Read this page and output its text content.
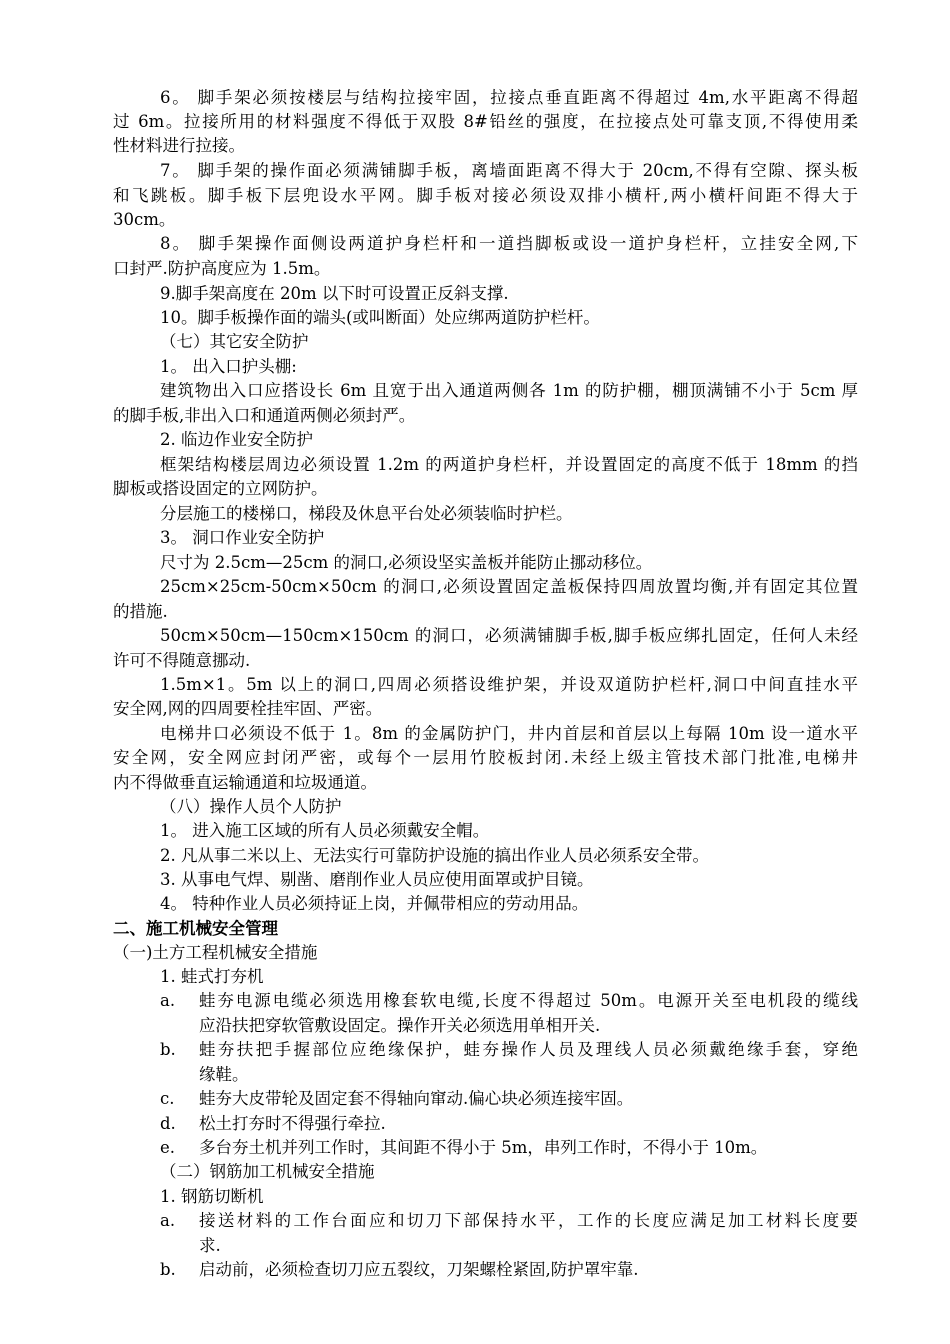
6。 脚手架必须按楼层与结构拉接牢固，拉接点垂直距离不得超过 4m,水平距离不得超
过 6m。拉接所用的材料强度不得低于双股 8#铅丝的强度，在拉接点处可靠支顶,不得使用柔
性材料进行拉接。
7。 脚手架的操作面必须满铺脚手板，离墙面距离不得大于 20cm,不得有空隙、探头板
和飞跳板。脚手板下层兜设水平网。脚手板对接必须设双排小横杆,两小横杆间距不得大于
30cm。
8。 脚手架操作面侧设两道护身栏杆和一道挡脚板或设一道护身栏杆，立挂安全网,下
口封严.防护高度应为 1.5m。
9.脚手架高度在 20m 以下时可设置正反斜支撑.
10。脚手板操作面的端头(或叫断面）处应绑两道防护栏杆。
（七）其它安全防护
1。 出入口护头棚:
建筑物出入口应搭设长 6m 且宽于出入通道两侧各 1m 的防护棚，棚顶满铺不小于 5cm 厚
的脚手板,非出入口和通道两侧必须封严。
2. 临边作业安全防护
框架结构楼层周边必须设置 1.2m 的两道护身栏杆，并设置固定的高度不低于 18mm 的挡
脚板或搭设固定的立网防护。
分层施工的楼梯口，梯段及休息平台处必须装临时护栏。
3。 洞口作业安全防护
尺寸为 2.5cm—25cm 的洞口,必须设坚实盖板并能防止挪动移位。
25cm×25cm-50cm×50cm 的洞口,必须设置固定盖板保持四周放置均衡,并有固定其位置
的措施.
50cm×50cm—150cm×150cm 的洞口，必须满铺脚手板,脚手板应绑扎固定，任何人未经
许可不得随意挪动.
1.5m×1。5m 以上的洞口,四周必须搭设维护架，并设双道防护栏杆,洞口中间直挂水平
安全网,网的四周要栓挂牢固、严密。
电梯井口必须设不低于 1。8m 的金属防护门，井内首层和首层以上每隔 10m 设一道水平
安全网，安全网应封闭严密，或每个一层用竹胶板封闭.未经上级主管技术部门批准,电梯井
内不得做垂直运输通道和垃圾通道。
（八）操作人员个人防护
1。 进入施工区域的所有人员必须戴安全帽。
2. 凡从事二米以上、无法实行可靠防护设施的搞出作业人员必须系安全带。
3. 从事电气焊、剔凿、磨削作业人员应使用面罩或护目镜。
4。 特种作业人员必须持证上岗，并佩带相应的劳动用品。
二、施工机械安全管理
（一)土方工程机械安全措施
1. 蛙式打夯机
a. 蛙夯电源电缆必须选用橡套软电缆,长度不得超过 50m。电源开关至电机段的缆线
应沿扶把穿软管敷设固定。操作开关必须选用单相开关.
b. 蛙夯扶把手握部位应绝缘保护，蛙夯操作人员及理线人员必须戴绝缘手套，穿绝
缘鞋。
c. 蛙夯大皮带轮及固定套不得轴向窜动.偏心块必须连接牢固。
d. 松土打夯时不得强行牵拉.
e. 多台夯土机并列工作时，其间距不得小于 5m，串列工作时，不得小于 10m。
（二）钢筋加工机械安全措施
1. 钢筋切断机
a. 接送材料的工作台面应和切刀下部保持水平，工作的长度应满足加工材料长度要
求.
b. 启动前，必须检查切刀应五裂纹，刀架螺栓紧固,防护罩牢靠.
